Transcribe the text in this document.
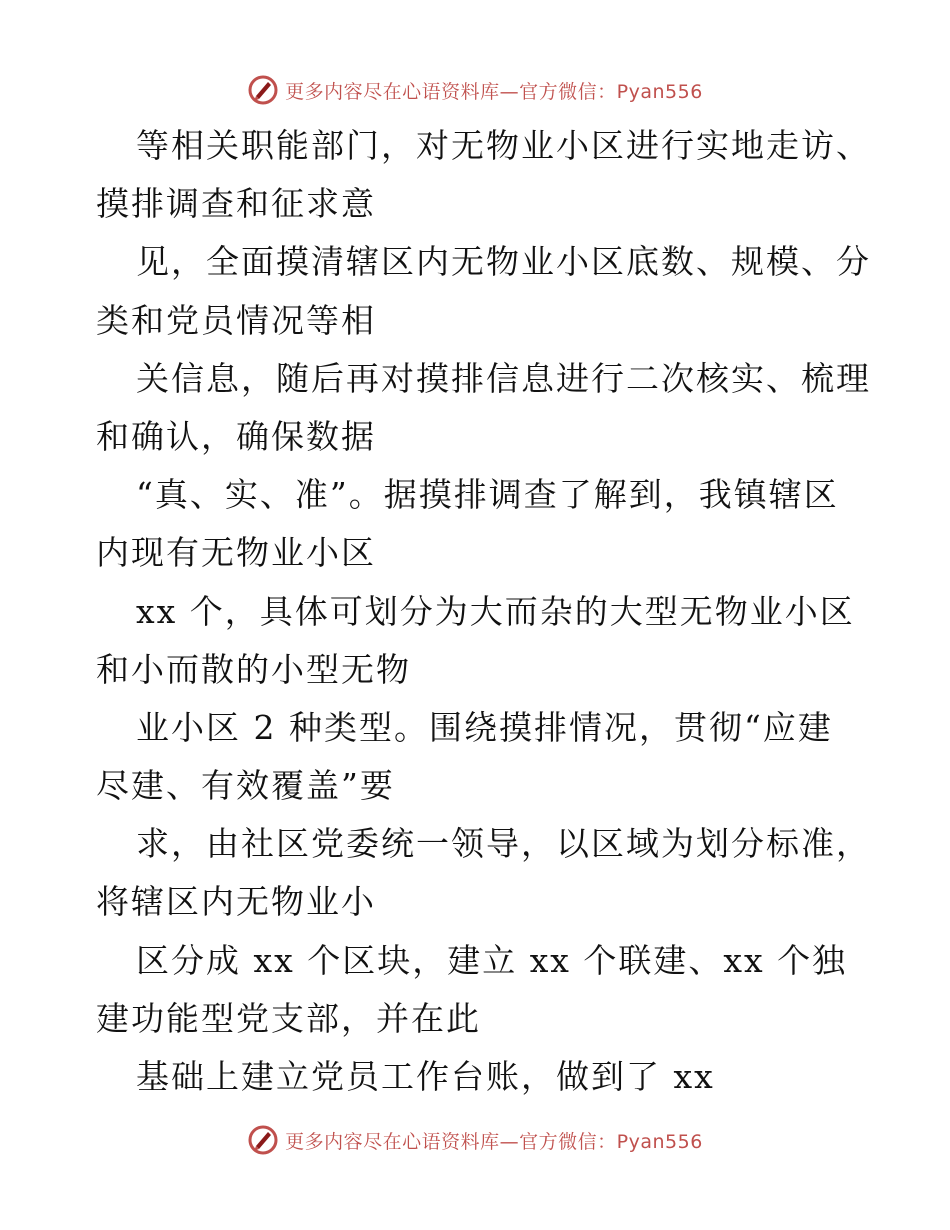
更多内容尽在心语资料库—官方微信：Pyan556
等相关职能部门，对无物业小区进行实地走访、
摸排调查和征求意
见，全面摸清辖区内无物业小区底数、规模、分
类和党员情况等相
关信息，随后再对摸排信息进行二次核实、梳理
和确认，确保数据
“真、实、准”。据摸排调查了解到，我镇辖区
内现有无物业小区
xx 个，具体可划分为大而杂的大型无物业小区
和小而散的小型无物
业小区 2 种类型。围绕摸排情况，贯彻“应建
尽建、有效覆盖”要
求，由社区党委统一领导，以区域为划分标准，
将辖区内无物业小
区分成 xx 个区块，建立 xx 个联建、xx 个独
建功能型党支部，并在此
基础上建立党员工作台账，做到了 xx
更多内容尽在心语资料库—官方微信：Pyan556
